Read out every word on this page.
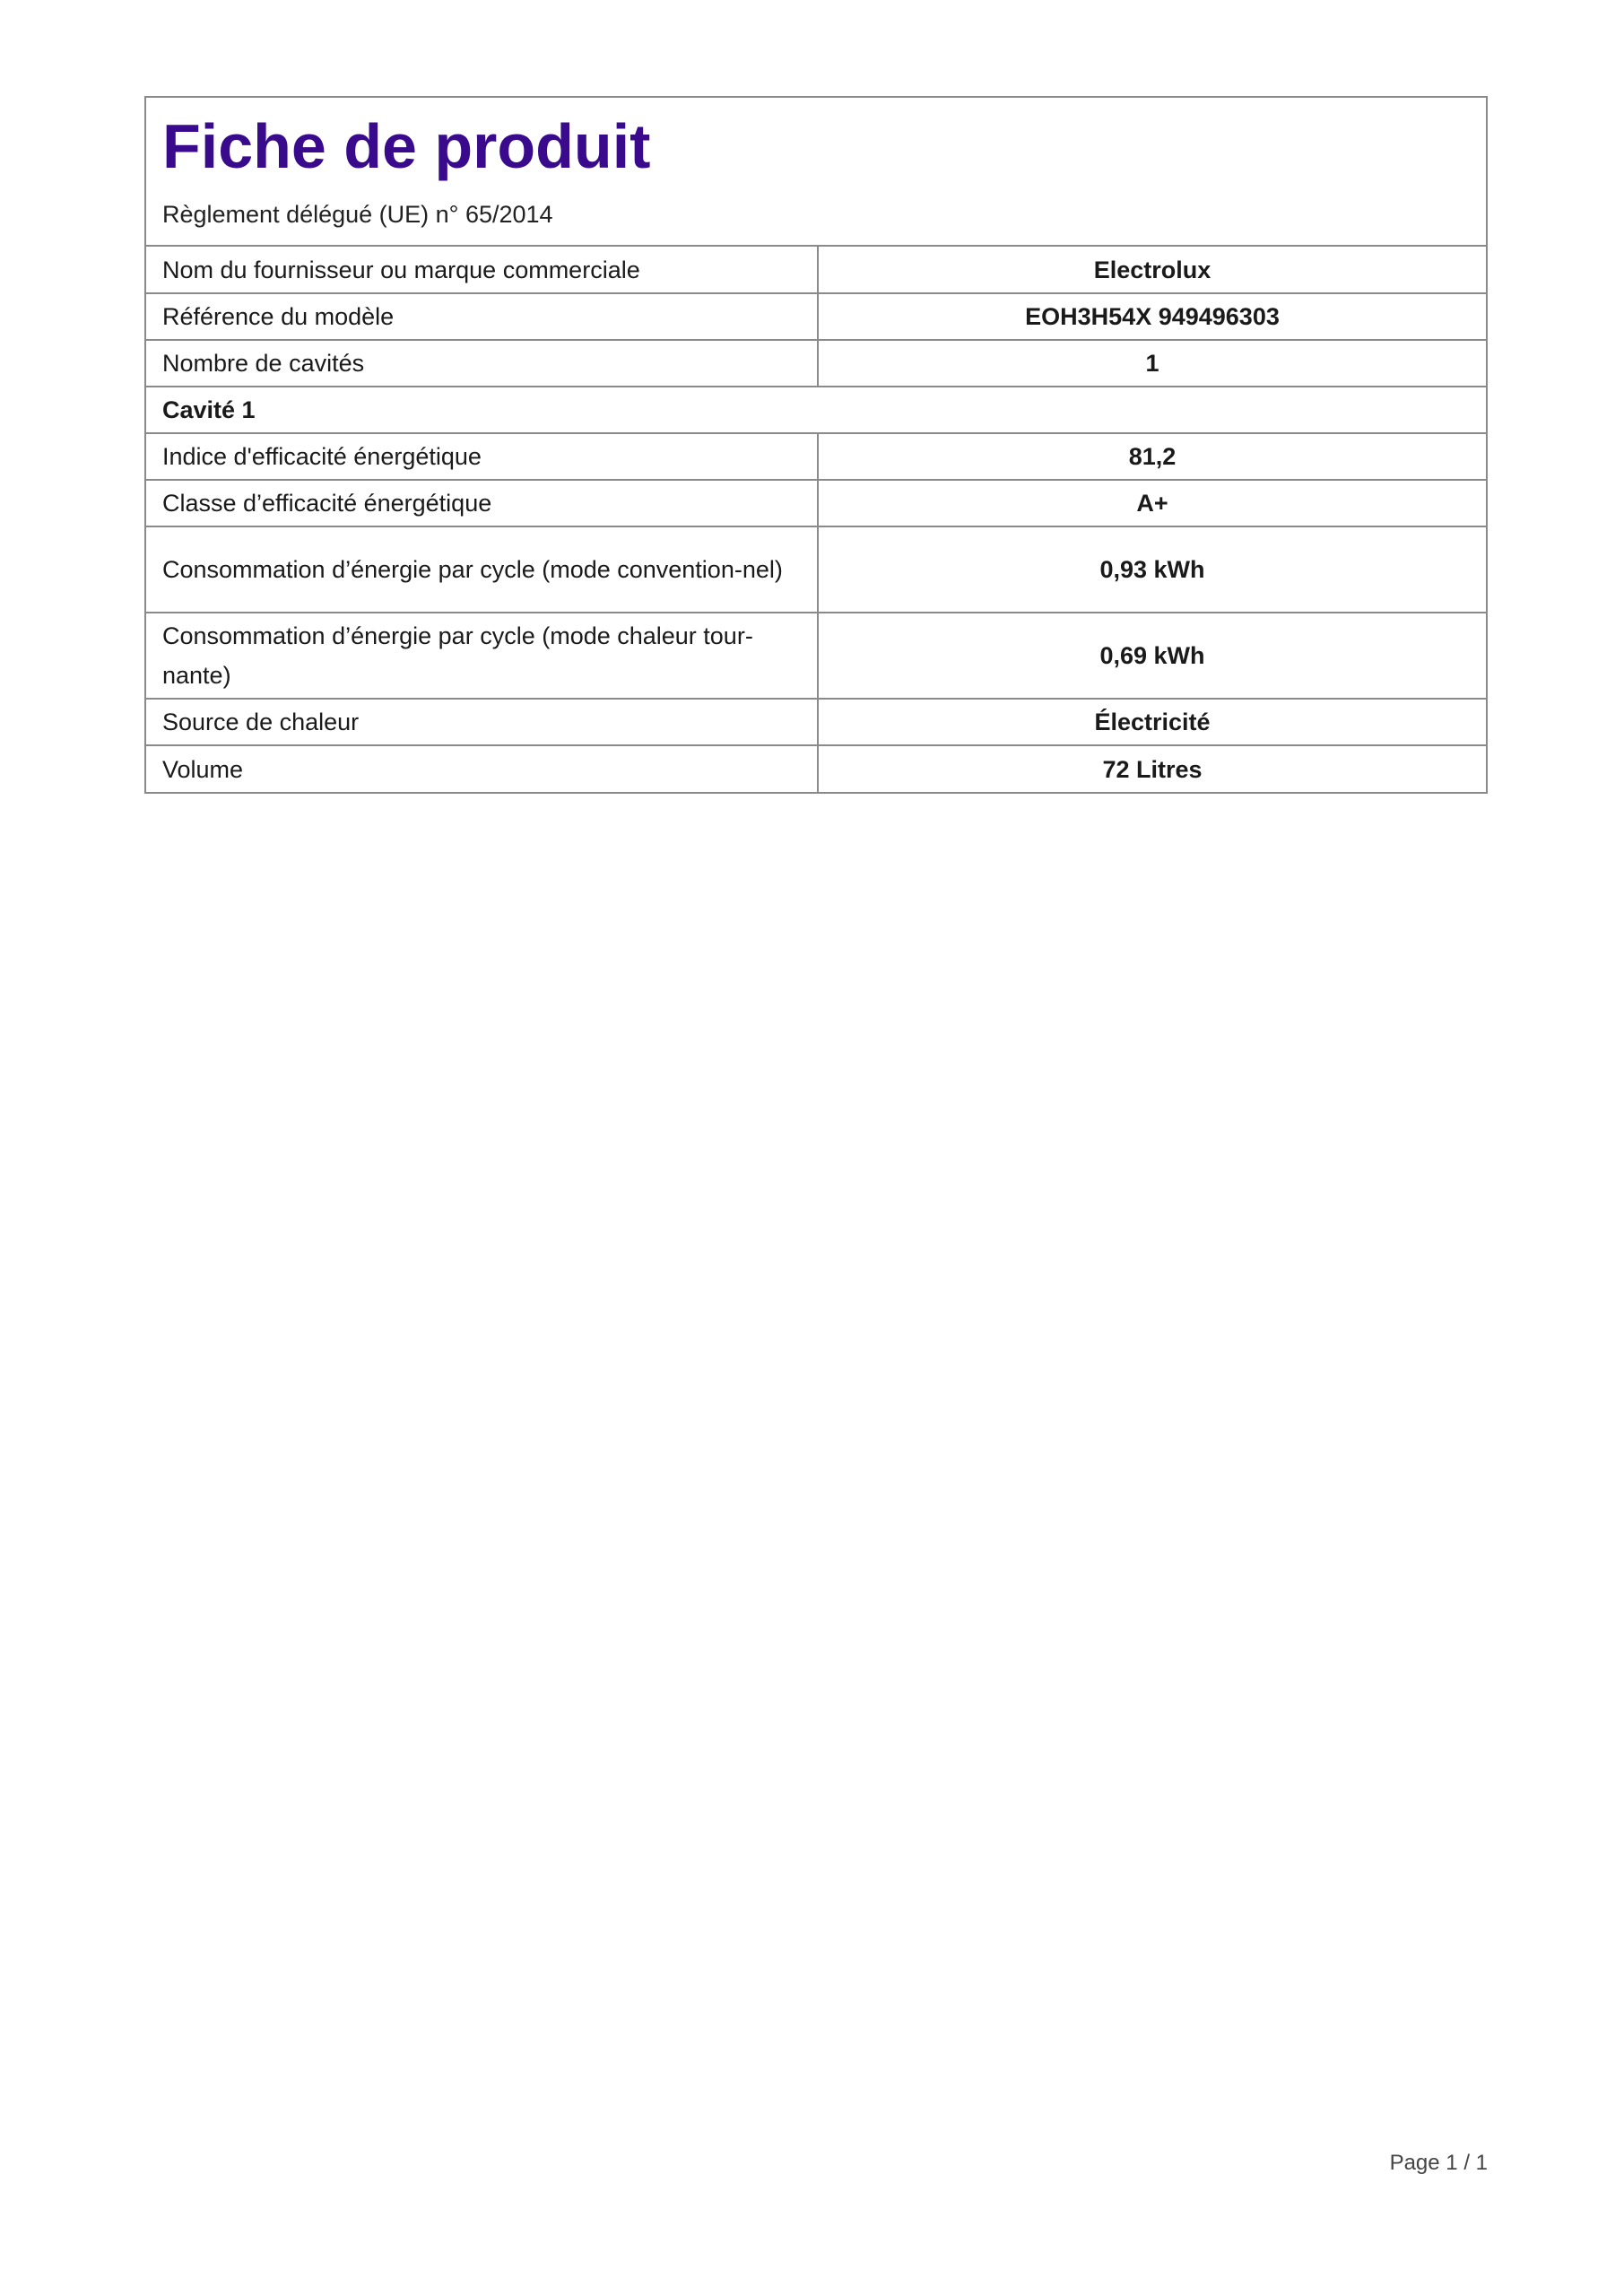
Fiche de produit

Règlement délégué (UE) n° 65/2014

Nom du fournisseur ou marque commerciale	Electrolux
Référence du modèle	EOH3H54X 949496303
Nombre de cavités	1
Cavité 1	
Indice d'efficacité énergétique	81,2
Classe d’efficacité énergétique	A+
Consommation d’énergie par cycle (mode convention-nel)	0,93 kWh
Consommation d’énergie par cycle (mode chaleur tour-nante)	0,69 kWh
Source de chaleur	Électricité
Volume	72 Litres
Page 1 / 1
